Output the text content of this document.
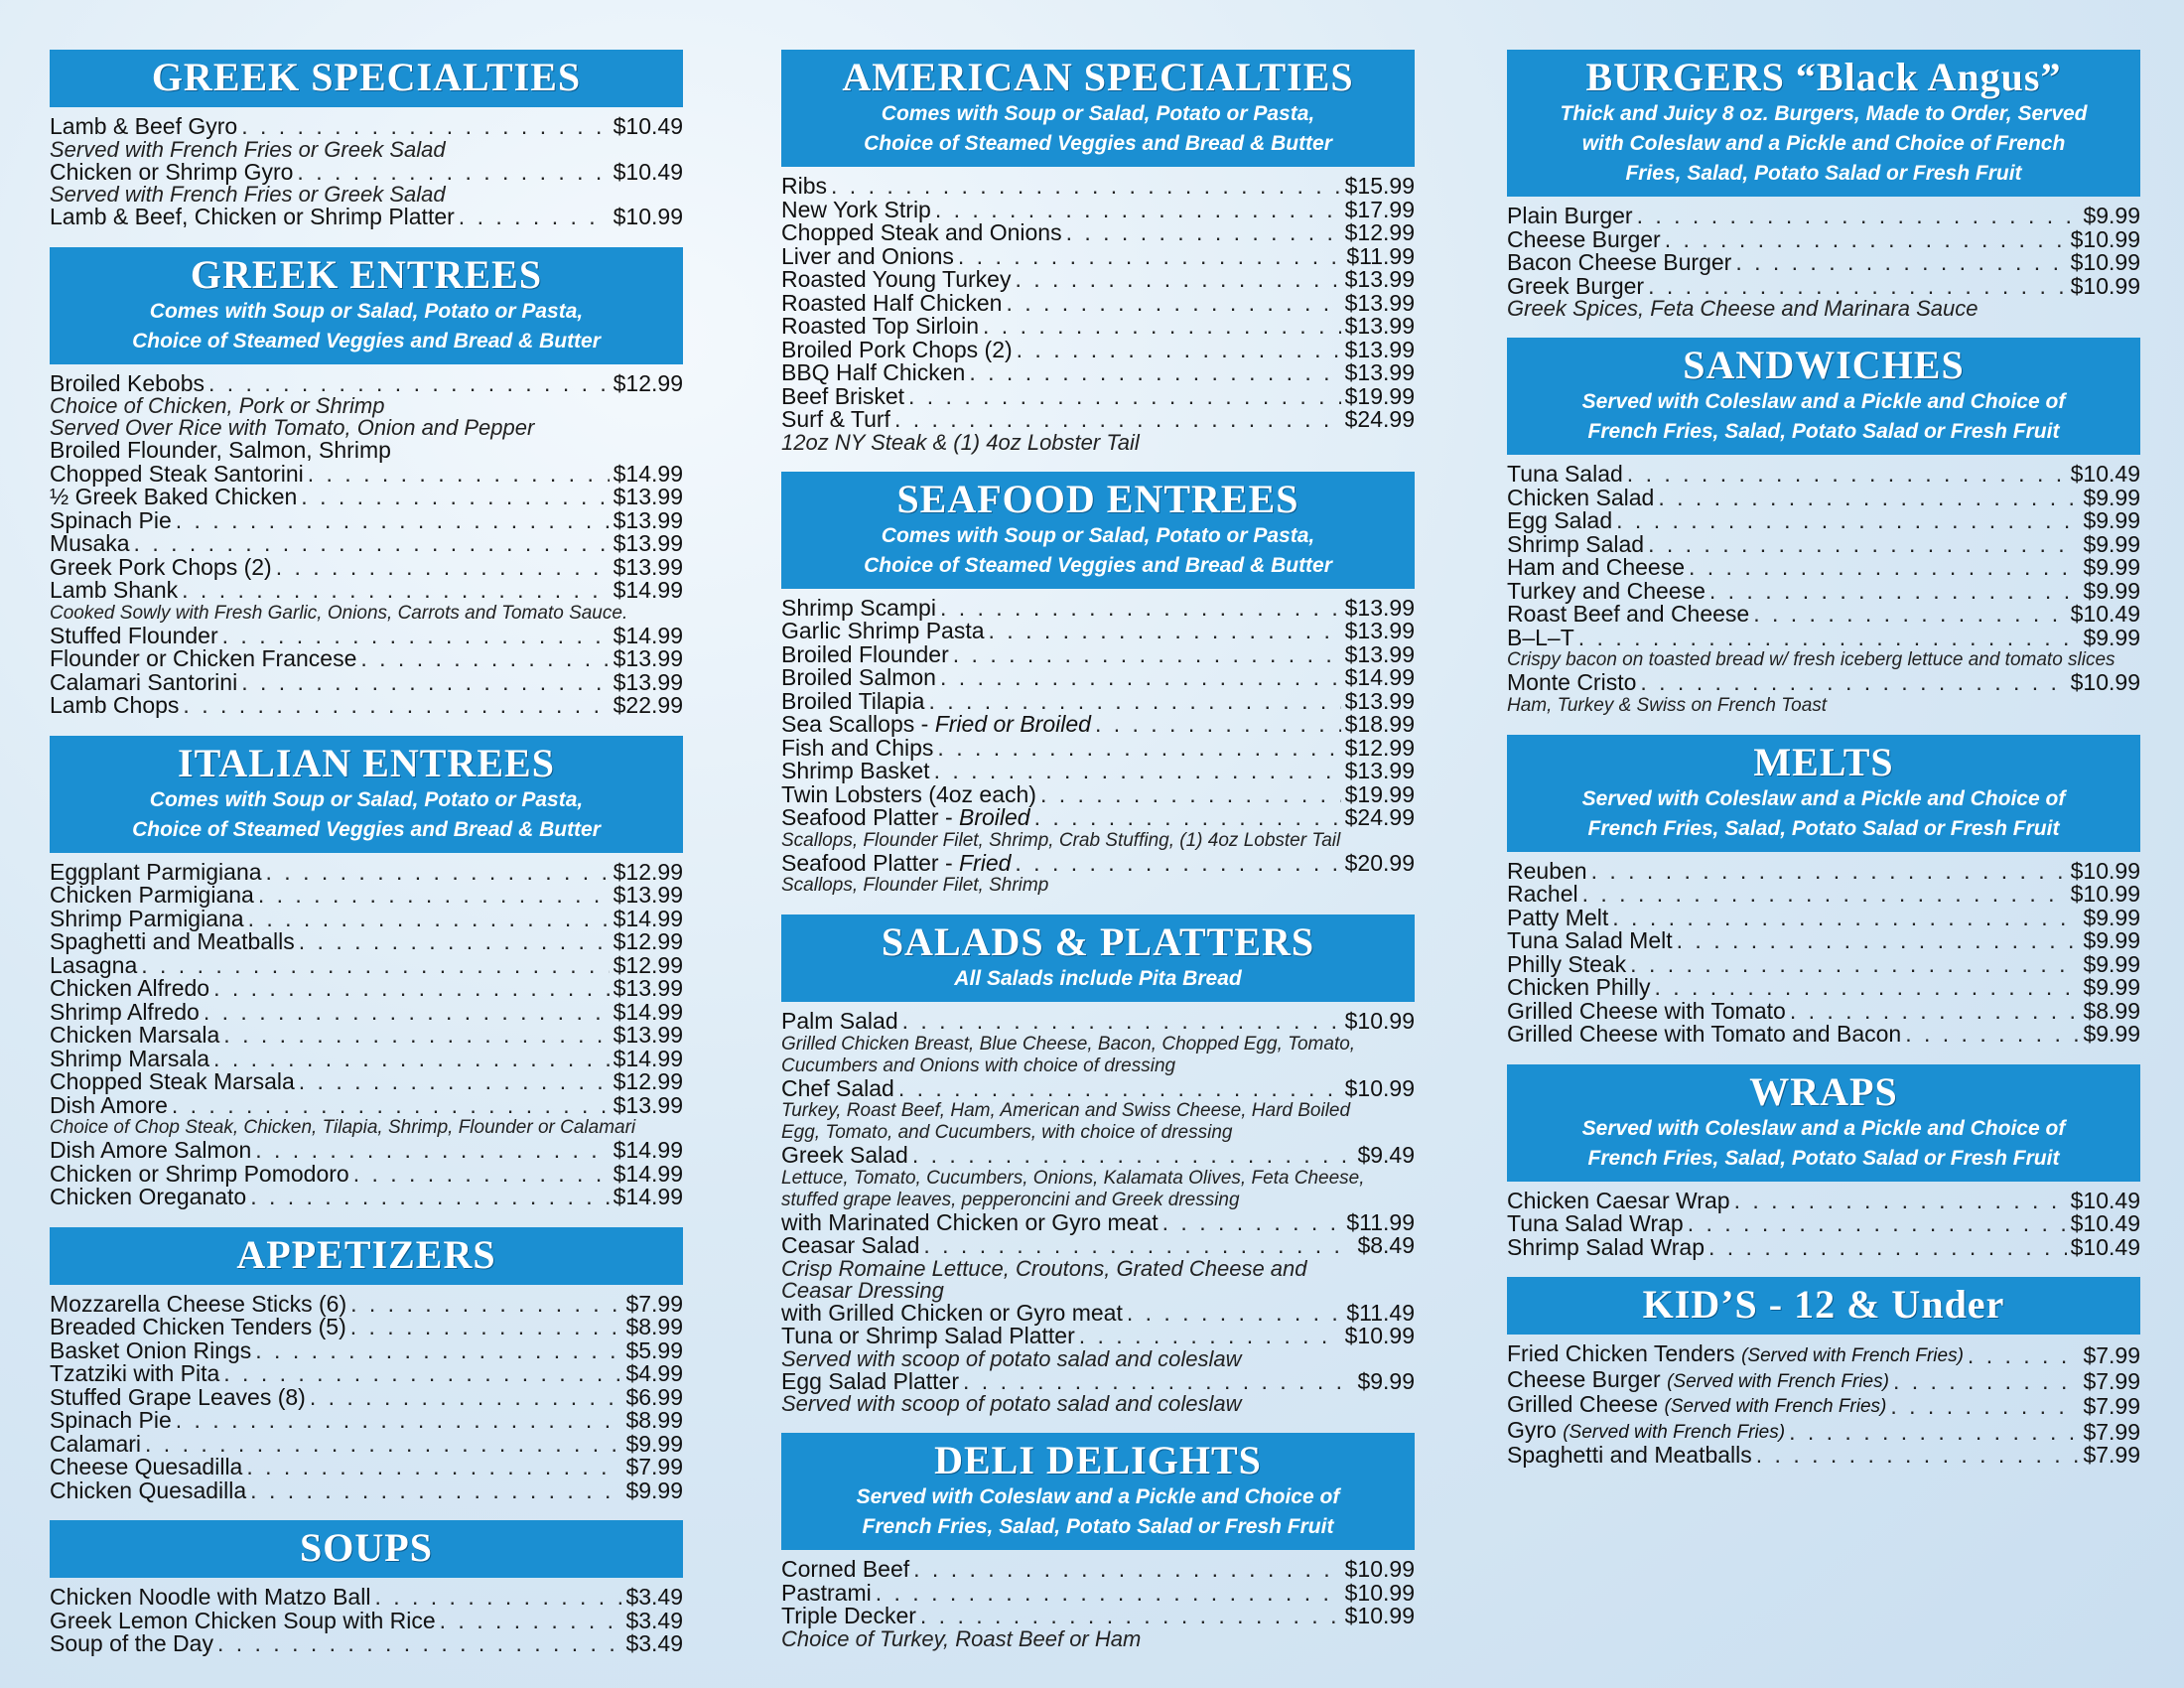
GREEK SPECIALTIES
Lamb & Beef Gyro . . .	$10.49
Served with French Fries or Greek Salad
Chicken or Shrimp Gyro . . .	$10.49
Served with French Fries or Greek Salad
Lamb & Beef, Chicken or Shrimp Platter . . .	$10.99
GREEK ENTREES
Comes with Soup or Salad, Potato or Pasta,
Choice of Steamed Veggies and Bread & Butter
Broiled Kebobs . . .	$12.99
Choice of Chicken, Pork or Shrimp
Served Over Rice with Tomato, Onion and Pepper
Broiled Flounder, Salmon, Shrimp
Chopped Steak Santorini . . .	$14.99
½ Greek Baked Chicken . . .	$13.99
Spinach Pie . . .	$13.99
Musaka . . .	$13.99
Greek Pork Chops (2) . . .	$13.99
Lamb Shank . . .	$14.99
Cooked Sowly with Fresh Garlic, Onions, Carrots and Tomato Sauce.
Stuffed Flounder . . .	$14.99
Flounder or Chicken Francese . . .	$13.99
Calamari Santorini . . .	$13.99
Lamb Chops . . .	$22.99
ITALIAN ENTREES
Comes with Soup or Salad, Potato or Pasta,
Choice of Steamed Veggies and Bread & Butter
Eggplant Parmigiana . . .	$12.99
Chicken Parmigiana . . .	$13.99
Shrimp Parmigiana . . .	$14.99
Spaghetti and Meatballs . . .	$12.99
Lasagna . . .	$12.99
Chicken Alfredo . . .	$13.99
Shrimp Alfredo . . .	$14.99
Chicken Marsala . . .	$13.99
Shrimp Marsala . . .	$14.99
Chopped Steak Marsala . . .	$12.99
Dish Amore . . .	$13.99
Choice of Chop Steak, Chicken, Tilapia, Shrimp, Flounder or Calamari
Dish Amore Salmon . . .	$14.99
Chicken or Shrimp Pomodoro . . .	$14.99
Chicken Oreganato . . .	$14.99
APPETIZERS
Mozzarella Cheese Sticks (6) . . .	$7.99
Breaded Chicken Tenders (5) . . .	$8.99
Basket Onion Rings . . .	$5.99
Tzatziki with Pita . . .	$4.99
Stuffed Grape Leaves (8) . . .	$6.99
Spinach Pie . . .	$8.99
Calamari . . .	$9.99
Cheese Quesadilla . . .	$7.99
Chicken Quesadilla . . .	$9.99
SOUPS
Chicken Noodle with Matzo Ball . . .	$3.49
Greek Lemon Chicken Soup with Rice . . .	$3.49
Soup of the Day . . .	$3.49
AMERICAN SPECIALTIES
Comes with Soup or Salad, Potato or Pasta,
Choice of Steamed Veggies and Bread & Butter
Ribs . . .	$15.99
New York Strip . . .	$17.99
Chopped Steak and Onions . . .	$12.99
Liver and Onions . . .	$11.99
Roasted Young Turkey . . .	$13.99
Roasted Half Chicken . . .	$13.99
Roasted Top Sirloin . . .	$13.99
Broiled Pork Chops (2) . . .	$13.99
BBQ Half Chicken . . .	$13.99
Beef Brisket . . .	$19.99
Surf & Turf . . .	$24.99
12oz NY Steak & (1) 4oz Lobster Tail
SEAFOOD ENTREES
Comes with Soup or Salad, Potato or Pasta,
Choice of Steamed Veggies and Bread & Butter
Shrimp Scampi . . .	$13.99
Garlic Shrimp Pasta . . .	$13.99
Broiled Flounder . . .	$13.99
Broiled Salmon . . .	$14.99
Broiled Tilapia . . .	$13.99
Sea Scallops - Fried or Broiled . . .	$18.99
Fish and Chips . . .	$12.99
Shrimp Basket . . .	$13.99
Twin Lobsters (4oz each) . . .	$19.99
Seafood Platter - Broiled . . .	$24.99
Scallops, Flounder Filet, Shrimp, Crab Stuffing, (1) 4oz Lobster Tail
Seafood Platter - Fried . . .	$20.99
Scallops, Flounder Filet, Shrimp
SALADS & PLATTERS
All Salads include Pita Bread
Palm Salad . . .	$10.99
Grilled Chicken Breast, Blue Cheese, Bacon, Chopped Egg, Tomato,
Cucumbers and Onions with choice of dressing
Chef Salad . . .	$10.99
Turkey, Roast Beef, Ham, American and Swiss Cheese, Hard Boiled
Egg, Tomato, and Cucumbers, with choice of dressing
Greek Salad . . .	$9.49
Lettuce, Tomato, Cucumbers, Onions, Kalamata Olives, Feta Cheese,
stuffed grape leaves, pepperoncini and Greek dressing
with Marinated Chicken or Gyro meat . . .	$11.99
Ceasar Salad . . .	$8.49
Crisp Romaine Lettuce, Croutons, Grated Cheese and
Ceasar Dressing
with Grilled Chicken or Gyro meat . . .	$11.49
Tuna or Shrimp Salad Platter . . .	$10.99
Served with scoop of potato salad and coleslaw
Egg Salad Platter . . .	$9.99
Served with scoop of potato salad and coleslaw
DELI DELIGHTS
Served with Coleslaw and a Pickle and Choice of
French Fries, Salad, Potato Salad or Fresh Fruit
Corned Beef . . .	$10.99
Pastrami . . .	$10.99
Triple Decker . . .	$10.99
Choice of Turkey, Roast Beef or Ham
BURGERS “Black Angus”
Thick and Juicy 8 oz. Burgers, Made to Order, Served
with Coleslaw and a Pickle and Choice of French
Fries, Salad, Potato Salad or Fresh Fruit
Plain Burger . . .	$9.99
Cheese Burger . . .	$10.99
Bacon Cheese Burger . . .	$10.99
Greek Burger . . .	$10.99
Greek Spices, Feta Cheese and Marinara Sauce
SANDWICHES
Served with Coleslaw and a Pickle and Choice of
French Fries, Salad, Potato Salad or Fresh Fruit
Tuna Salad . . .	$10.49
Chicken Salad . . .	$9.99
Egg Salad . . .	$9.99
Shrimp Salad . . .	$9.99
Ham and Cheese . . .	$9.99
Turkey and Cheese . . .	$9.99
Roast Beef and Cheese . . .	$10.49
B–L–T . . .	$9.99
Crispy bacon on toasted bread w/ fresh iceberg lettuce and tomato slices
Monte Cristo . . .	$10.99
Ham, Turkey & Swiss on French Toast
MELTS
Served with Coleslaw and a Pickle and Choice of
French Fries, Salad, Potato Salad or Fresh Fruit
Reuben . . .	$10.99
Rachel . . .	$10.99
Patty Melt . . .	$9.99
Tuna Salad Melt . . .	$9.99
Philly Steak . . .	$9.99
Chicken Philly . . .	$9.99
Grilled Cheese with Tomato . . .	$8.99
Grilled Cheese with Tomato and Bacon . . .	$9.99
WRAPS
Served with Coleslaw and a Pickle and Choice of
French Fries, Salad, Potato Salad or Fresh Fruit
Chicken Caesar Wrap . . .	$10.49
Tuna Salad Wrap . . .	$10.49
Shrimp Salad Wrap . . .	$10.49
KID’S - 12 & Under
Fried Chicken Tenders (Served with French Fries) . . .	$7.99
Cheese Burger (Served with French Fries) . . .	$7.99
Grilled Cheese (Served with French Fries) . . .	$7.99
Gyro (Served with French Fries) . . .	$7.99
Spaghetti and Meatballs . . .	$7.99
